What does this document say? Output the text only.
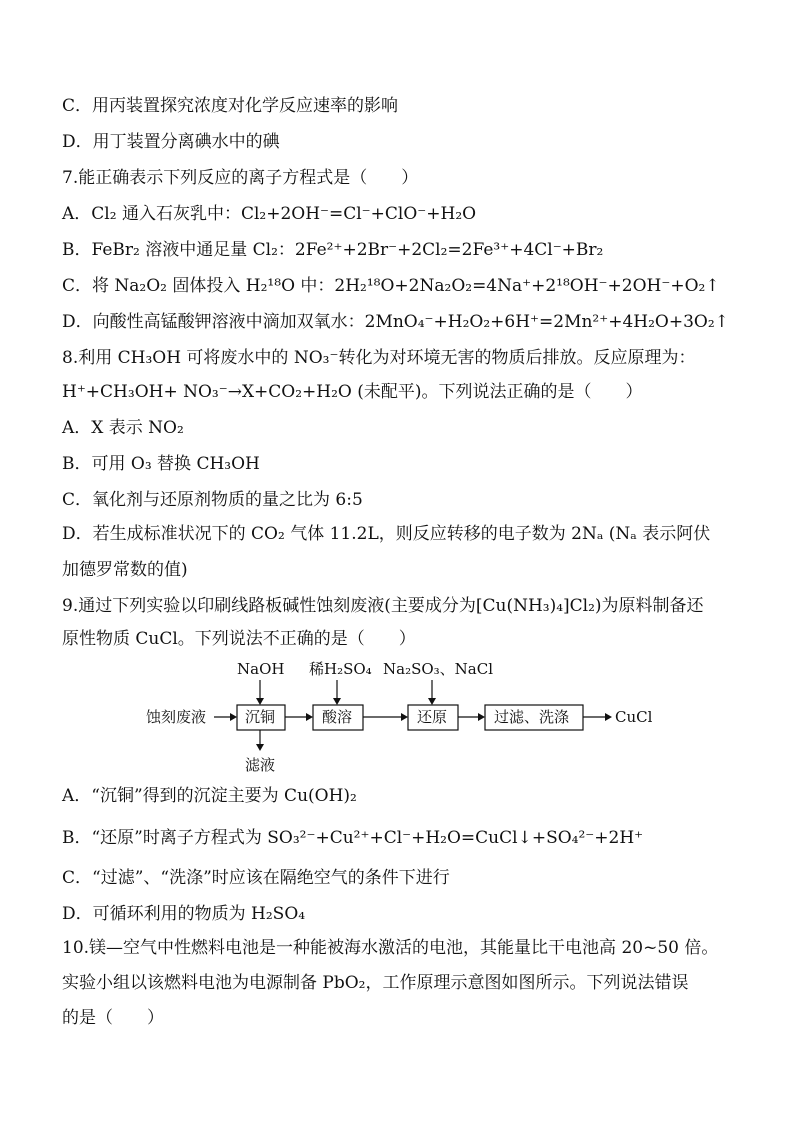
C．用丙装置探究浓度对化学反应速率的影响
D．用丁装置分离碘水中的碘
7.能正确表示下列反应的离子方程式是（　　）
A．Cl₂ 通入石灰乳中：Cl₂+2OH⁻=Cl⁻+ClO⁻+H₂O
B．FeBr₂ 溶液中通足量 Cl₂：2Fe²⁺+2Br⁻+2Cl₂=2Fe³⁺+4Cl⁻+Br₂
C．将 Na₂O₂ 固体投入 H₂¹⁸O 中：2H₂¹⁸O+2Na₂O₂=4Na⁺+2¹⁸OH⁻+2OH⁻+O₂↑
D．向酸性高锰酸钾溶液中滴加双氧水：2MnO₄⁻+H₂O₂+6H⁺=2Mn²⁺+4H₂O+3O₂↑
8.利用 CH₃OH 可将废水中的 NO₃⁻转化为对环境无害的物质后排放。反应原理为：
H⁺+CH₃OH+ NO₃⁻→X+CO₂+H₂O (未配平)。下列说法正确的是（　　）
A．X 表示 NO₂
B．可用 O₃ 替换 CH₃OH
C．氧化剂与还原剂物质的量之比为 6:5
D．若生成标准状况下的 CO₂ 气体 11.2L，则反应转移的电子数为 2Nₐ (Nₐ 表示阿伏
加德罗常数的值)
9.通过下列实验以印刷线路板碱性蚀刻废液(主要成分为[Cu(NH₃)₄]Cl₂)为原料制备还
原性物质 CuCl。下列说法不正确的是（　　）
NaOH 稀H₂SO₄ Na₂SO₃、NaCl
蚀刻废液	沉铜	酸溶	还原	过滤、洗涤	CuCl
滤液
A．“沉铜”得到的沉淀主要为 Cu(OH)₂
B．“还原”时离子方程式为 SO₃²⁻+Cu²⁺+Cl⁻+H₂O=CuCl↓+SO₄²⁻+2H⁺
C．“过滤”、“洗涤”时应该在隔绝空气的条件下进行
D．可循环利用的物质为 H₂SO₄
10.镁—空气中性燃料电池是一种能被海水激活的电池，其能量比干电池高 20~50 倍。
实验小组以该燃料电池为电源制备 PbO₂，工作原理示意图如图所示。下列说法错误
的是（　　）
